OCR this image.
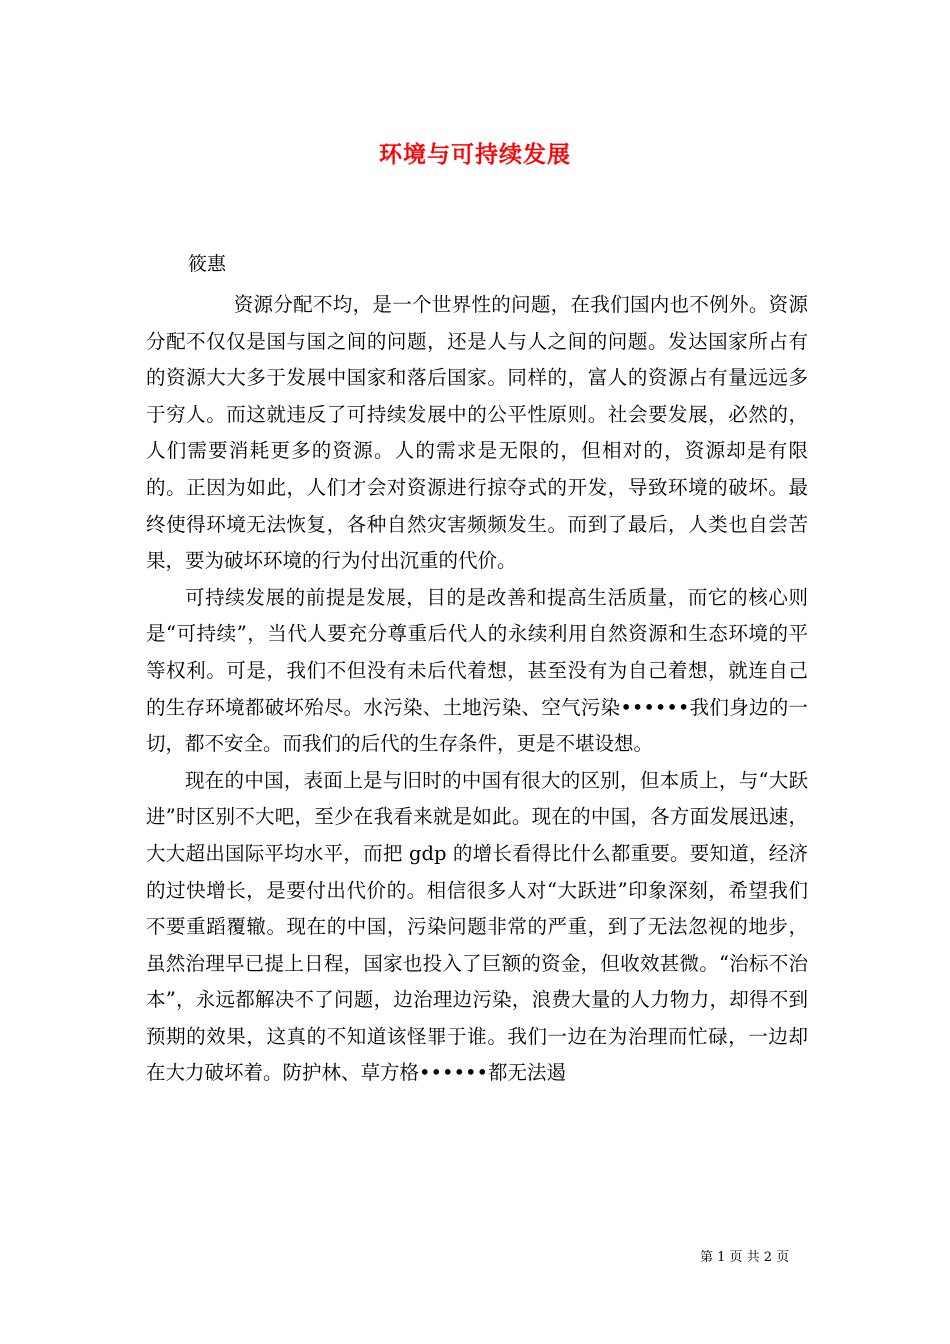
环境与可持续发展
筱惠

资源分配不均，是一个世界性的问题，在我们国内也不例外。资源分配不仅仅是国与国之间的问题，还是人与人之间的问题。发达国家所占有的资源大大多于发展中国家和落后国家。同样的，富人的资源占有量远远多于穷人。而这就违反了可持续发展中的公平性原则。社会要发展，必然的，人们需要消耗更多的资源。人的需求是无限的，但相对的，资源却是有限的。正因为如此，人们才会对资源进行掠夺式的开发，导致环境的破坏。最终使得环境无法恢复，各种自然灾害频频发生。而到了最后，人类也自尝苦果，要为破坏环境的行为付出沉重的代价。

可持续发展的前提是发展，目的是改善和提高生活质量，而它的核心则是“可持续”，当代人要充分尊重后代人的永续利用自然资源和生态环境的平等权利。可是，我们不但没有未后代着想，甚至没有为自己着想，就连自己的生存环境都破坏殆尽。水污染、土地污染、空气污染••••••我们身边的一切，都不安全。而我们的后代的生存条件，更是不堪设想。

现在的中国，表面上是与旧时的中国有很大的区别，但本质上，与“大跃进”时区别不大吧，至少在我看来就是如此。现在的中国，各方面发展迅速，大大超出国际平均水平，而把 gdp 的增长看得比什么都重要。要知道，经济的过快增长，是要付出代价的。相信很多人对“大跃进”印象深刻，希望我们不要重蹈覆辙。现在的中国，污染问题非常的严重，到了无法忽视的地步，虽然治理早已提上日程，国家也投入了巨额的资金，但收效甚微。“治标不治本”，永远都解决不了问题，边治理边污染，浪费大量的人力物力，却得不到预期的效果，这真的不知道该怪罪于谁。我们一边在为治理而忙碌，一边却在大力破坏着。防护林、草方格••••••都无法遏

第 1 页 共 2 页
